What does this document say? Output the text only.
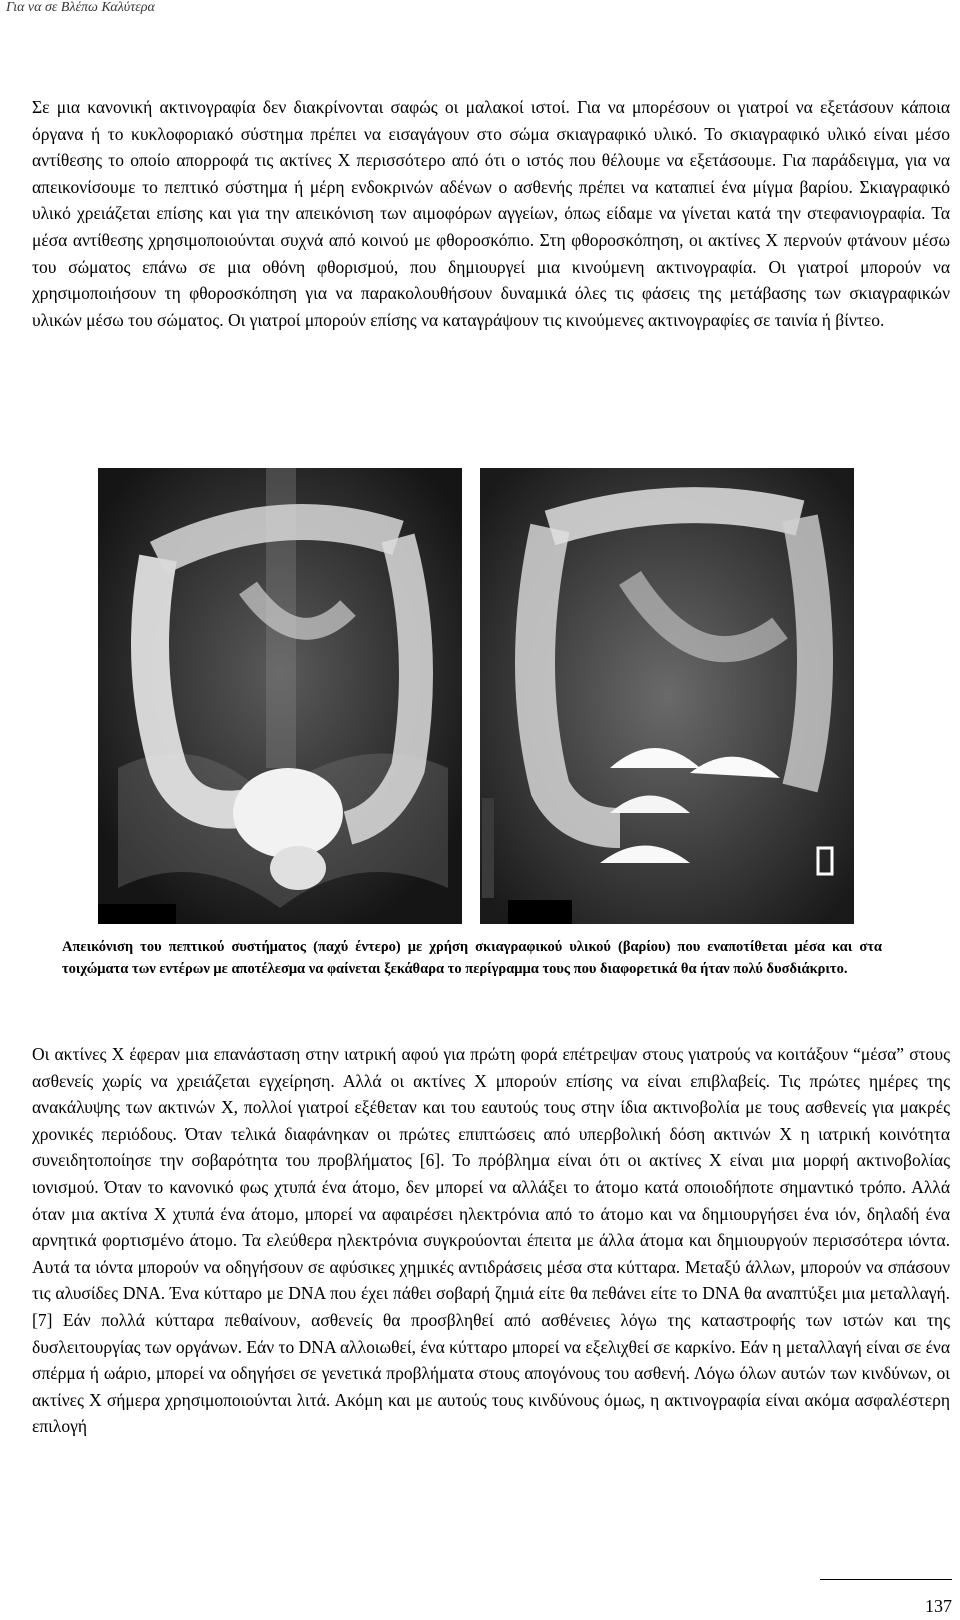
Για να σε Βλέπω Καλύτερα

Σε μια κανονική ακτινογραφία δεν διακρίνονται σαφώς οι μαλακοί ιστοί. Για να μπορέσουν οι γιατροί να εξετάσουν κάποια όργανα ή το κυκλοφοριακό σύστημα πρέπει να εισαγάγουν στο σώμα σκιαγραφικό υλικό. Το σκιαγραφικό υλικό είναι μέσο αντίθεσης το οποίο απορροφά τις ακτίνες X περισσότερο από ότι ο ιστός που θέλουμε να εξετάσουμε. Για παράδειγμα, για να απεικονίσουμε το πεπτικό σύστημα ή μέρη ενδοκρινών αδένων ο ασθενής πρέπει να καταπιεί ένα μίγμα βαρίου. Σκιαγραφικό υλικό χρειάζεται επίσης και για την απεικόνιση των αιμοφόρων αγγείων, όπως είδαμε να γίνεται κατά την στεφανιογραφία. Τα μέσα αντίθεσης χρησιμοποιούνται συχνά από κοινού με φθοροσκόπιο. Στη φθοροσκόπηση, οι ακτίνες X περνούν φτάνουν μέσω του σώματος επάνω σε μια οθόνη φθορισμού, που δημιουργεί μια κινούμενη ακτινογραφία. Οι γιατροί μπορούν να χρησιμοποιήσουν τη φθοροσκόπηση για να παρακολουθήσουν δυναμικά όλες τις φάσεις της μετάβασης των σκιαγραφικών υλικών μέσω του σώματος. Οι γιατροί μπορούν επίσης να καταγράψουν τις κινούμενες ακτινογραφίες σε ταινία ή βίντεο.

Απεικόνιση του πεπτικού συστήματος (παχύ έντερο) με χρήση σκιαγραφικού υλικού (βαρίου) που εναποτίθεται μέσα και στα τοιχώματα των εντέρων με αποτέλεσμα να φαίνεται ξεκάθαρα το περίγραμμα τους που διαφορετικά θα ήταν πολύ δυσδιάκριτο.

Οι ακτίνες X έφεραν μια επανάσταση στην ιατρική αφού για πρώτη φορά επέτρεψαν στους γιατρούς να κοιτάξουν “μέσα” στους ασθενείς χωρίς να χρειάζεται εγχείρηση. Αλλά οι ακτίνες X μπορούν επίσης να είναι επιβλαβείς. Τις πρώτες ημέρες της ανακάλυψης των ακτινών X, πολλοί γιατροί εξέθεταν και του εαυτούς τους στην ίδια ακτινοβολία με τους ασθενείς για μακρές χρονικές περιόδους. Όταν τελικά διαφάνηκαν οι πρώτες επιπτώσεις από υπερβολική δόση ακτινών X η ιατρική κοινότητα συνειδητοποίησε την σοβαρότητα του προβλήματος [6]. Το πρόβλημα είναι ότι οι ακτίνες X είναι μια μορφή ακτινοβολίας ιονισμού. Όταν το κανονικό φως χτυπά ένα άτομο, δεν μπορεί να αλλάξει το άτομο κατά οποιοδήποτε σημαντικό τρόπο. Αλλά όταν μια ακτίνα X χτυπά ένα άτομο, μπορεί να αφαιρέσει ηλεκτρόνια από το άτομο και να δημιουργήσει ένα ιόν, δηλαδή ένα αρνητικά φορτισμένο άτομο. Τα ελεύθερα ηλεκτρόνια συγκρούονται έπειτα με άλλα άτομα και δημιουργούν περισσότερα ιόντα. Αυτά τα ιόντα μπορούν να οδηγήσουν σε αφύσικες χημικές αντιδράσεις μέσα στα κύτταρα. Μεταξύ άλλων, μπορούν να σπάσουν τις αλυσίδες DNA. Ένα κύτταρο με DNA που έχει πάθει σοβαρή ζημιά είτε θα πεθάνει είτε το DNA θα αναπτύξει μια μεταλλαγή. [7] Εάν πολλά κύτταρα πεθαίνουν, ασθενείς θα προσβληθεί από ασθένειες λόγω της καταστροφής των ιστών και της δυσλειτουργίας των οργάνων. Εάν το DNA αλλοιωθεί, ένα κύτταρο μπορεί να εξελιχθεί σε καρκίνο. Εάν η μεταλλαγή είναι σε ένα σπέρμα ή ωάριο, μπορεί να οδηγήσει σε γενετικά προβλήματα στους απογόνους του ασθενή. Λόγω όλων αυτών των κινδύνων, οι ακτίνες X σήμερα χρησιμοποιούνται λιτά. Ακόμη και με αυτούς τους κινδύνους όμως, η ακτινογραφία είναι ακόμα ασφαλέστερη επιλογή

137
